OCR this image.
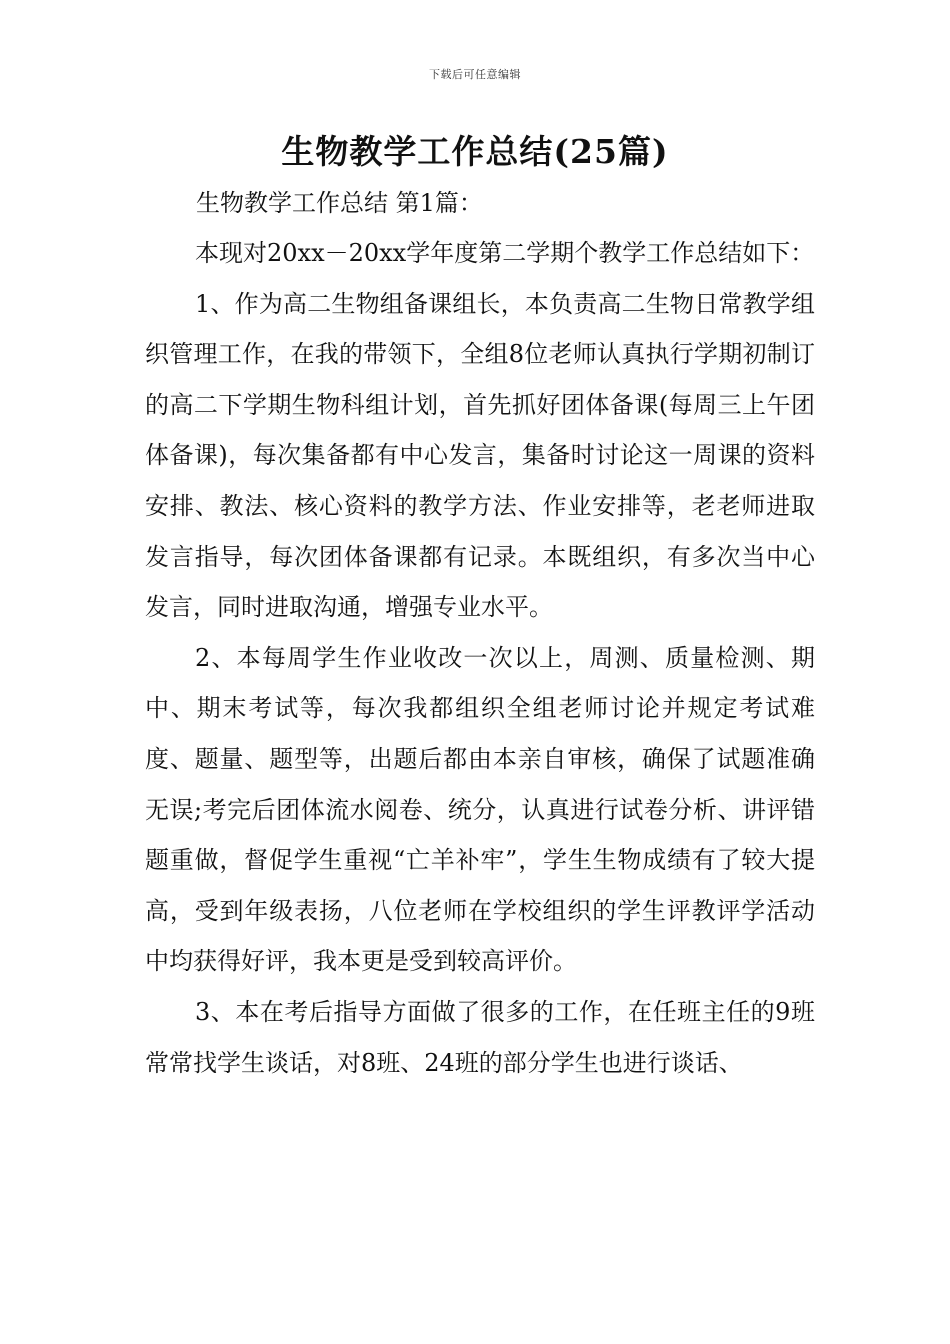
下载后可任意编辑
生物教学工作总结(25篇)
生物教学工作总结 第1篇：

本现对20xx－20xx学年度第二学期个教学工作总结如下：

1、作为高二生物组备课组长，本负责高二生物日常教学组织管理工作，在我的带领下，全组8位老师认真执行学期初制订的高二下学期生物科组计划，首先抓好团体备课(每周三上午团体备课)，每次集备都有中心发言，集备时讨论这一周课的资料安排、教法、核心资料的教学方法、作业安排等，老老师进取发言指导，每次团体备课都有记录。本既组织，有多次当中心发言，同时进取沟通，增强专业水平。

2、本每周学生作业收改一次以上，周测、质量检测、期中、期末考试等，每次我都组织全组老师讨论并规定考试难度、题量、题型等，出题后都由本亲自审核，确保了试题准确无误;考完后团体流水阅卷、统分，认真进行试卷分析、讲评错题重做，督促学生重视“亡羊补牢”，学生生物成绩有了较大提高，受到年级表扬，八位老师在学校组织的学生评教评学活动中均获得好评，我本更是受到较高评价。

3、本在考后指导方面做了很多的工作，在任班主任的9班常常找学生谈话，对8班、24班的部分学生也进行谈话、
